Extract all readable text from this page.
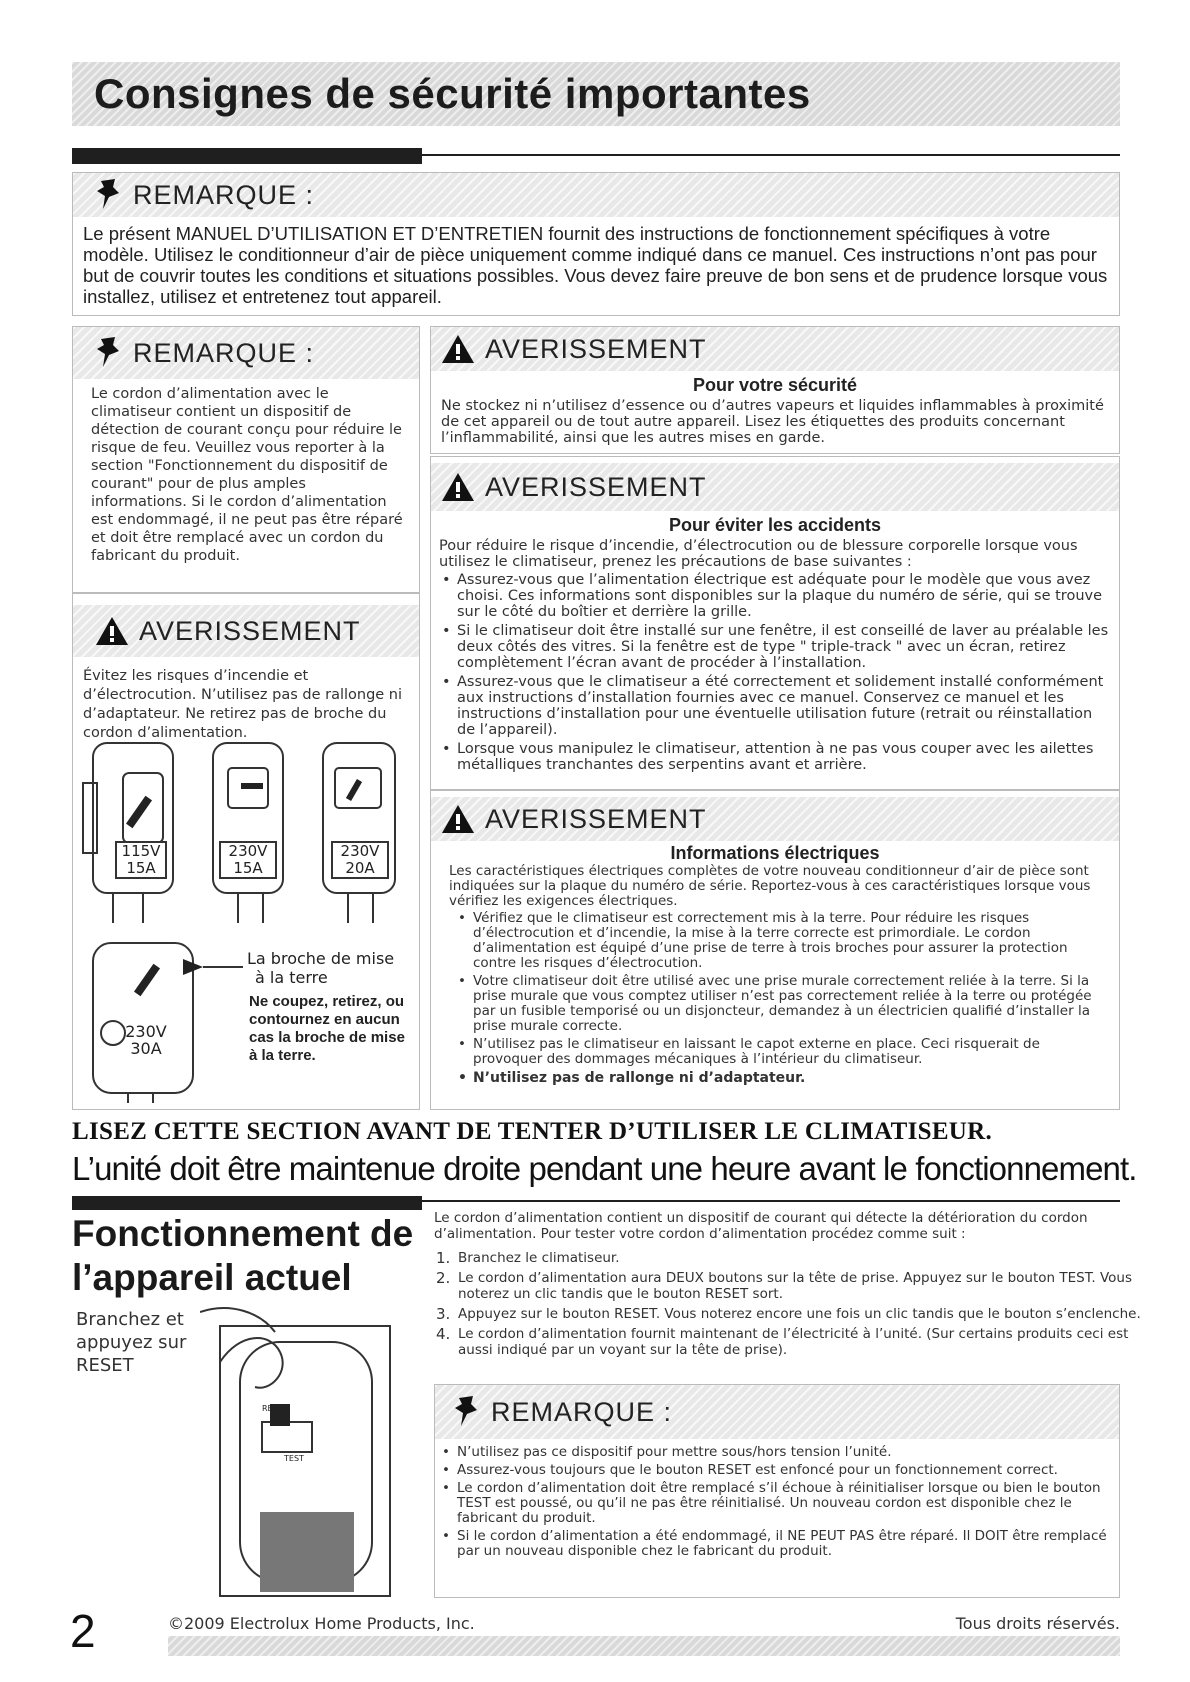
Consignes de sécurité importantes
REMARQUE :
Le présent MANUEL D’UTILISATION ET D’ENTRETIEN fournit des instructions de fonctionnement spécifiques à votre modèle. Utilisez le conditionneur d’air de pièce uniquement comme indiqué dans ce manuel. Ces instructions n’ont pas pour but de couvrir toutes les conditions et situations possibles. Vous devez faire preuve de bon sens et de prudence lorsque vous installez, utilisez et entretenez tout appareil.
REMARQUE :
Le cordon d’alimentation avec le climatiseur contient un dispositif de détection de courant conçu pour réduire le risque de feu. Veuillez vous reporter à la section "Fonctionnement du dispositif de courant" pour de plus amples informations. Si le cordon d’alimentation est endommagé, il ne peut pas être réparé et doit être remplacé avec un cordon du fabricant du produit.
AVERISSEMENT
Évitez les risques d’incendie et d’électrocution. N’utilisez pas de rallonge ni d’adaptateur. Ne retirez pas de broche du cordon d’alimentation.
115V
15A
230V
15A
230V
20A
230V
30A
La broche de mise
à la terre
Ne coupez, retirez, ou contournez en aucun cas la broche de mise à la terre.
AVERISSEMENT
Pour votre sécurité
Ne stockez ni n’utilisez d’essence ou d’autres vapeurs et liquides inflammables à proximité de cet appareil ou de tout autre appareil. Lisez les étiquettes des produits concernant l’inflammabilité, ainsi que les autres mises en garde.
AVERISSEMENT
Pour éviter les accidents
Pour réduire le risque d’incendie, d’électrocution ou de blessure corporelle lorsque vous utilisez le climatiseur, prenez les précautions de base suivantes :
• Assurez-vous que l’alimentation électrique est adéquate pour le modèle que vous avez choisi. Ces informations sont disponibles sur la plaque du numéro de série, qui se trouve sur le côté du boîtier et derrière la grille.
• Si le climatiseur doit être installé sur une fenêtre, il est conseillé de laver au préalable les deux côtés des vitres. Si la fenêtre est de type " triple-track " avec un écran, retirez complètement l’écran avant de procéder à l’installation.
• Assurez-vous que le climatiseur a été correctement et solidement installé conformément aux instructions d’installation fournies avec ce manuel. Conservez ce manuel et les instructions d’installation pour une éventuelle utilisation future (retrait ou réinstallation de l’appareil).
• Lorsque vous manipulez le climatiseur, attention à ne pas vous couper avec les ailettes métalliques tranchantes des serpentins avant et arrière.
AVERISSEMENT
Informations électriques
Les caractéristiques électriques complètes de votre nouveau conditionneur d’air de pièce sont indiquées sur la plaque du numéro de série. Reportez-vous à ces caractéristiques lorsque vous vérifiez les exigences électriques.
• Vérifiez que le climatiseur est correctement mis à la terre. Pour réduire les risques d’électrocution et d’incendie, la mise à la terre correcte est primordiale. Le cordon d’alimentation est équipé d’une prise de terre à trois broches pour assurer la protection contre les risques d’électrocution.
• Votre climatiseur doit être utilisé avec une prise murale correctement reliée à la terre. Si la prise murale que vous comptez utiliser n’est pas correctement reliée à la terre ou protégée par un fusible temporisé ou un disjoncteur, demandez à un électricien qualifié d’installer la prise murale correcte.
• N’utilisez pas le climatiseur en laissant le capot externe en place. Ceci risquerait de provoquer des dommages mécaniques à l’intérieur du climatiseur.
• N’utilisez pas de rallonge ni d’adaptateur.
LISEZ CETTE SECTION AVANT DE TENTER D’UTILISER LE CLIMATISEUR.
L’unité doit être maintenue droite pendant une heure avant le fonctionnement.
Fonctionnement de
l’appareil actuel
Branchez et
appuyez sur
RESET
RESET
TEST
Le cordon d’alimentation contient un dispositif de courant qui détecte la détérioration du cordon d’alimentation. Pour tester votre cordon d’alimentation procédez comme suit :
1. Branchez le climatiseur.
2. Le cordon d’alimentation aura DEUX boutons sur la tête de prise. Appuyez sur le bouton TEST. Vous noterez un clic tandis que le bouton RESET sort.
3. Appuyez sur le bouton RESET. Vous noterez encore une fois un clic tandis que le bouton s’enclenche.
4. Le cordon d’alimentation fournit maintenant de l’électricité à l’unité. (Sur certains produits ceci est aussi indiqué par un voyant sur la tête de prise).
REMARQUE :
• N’utilisez pas ce dispositif pour mettre sous/hors tension l’unité.
• Assurez-vous toujours que le bouton RESET est enfoncé pour un fonctionnement correct.
• Le cordon d’alimentation doit être remplacé s’il échoue à réinitialiser lorsque ou bien le bouton TEST est poussé, ou qu’il ne pas être réinitialisé. Un nouveau cordon est disponible chez le fabricant du produit.
• Si le cordon d’alimentation a été endommagé, il NE PEUT PAS être réparé. Il DOIT être remplacé par un nouveau disponible chez le fabricant du produit.
2	©2009 Electrolux Home Products, Inc.	Tous droits réservés.
